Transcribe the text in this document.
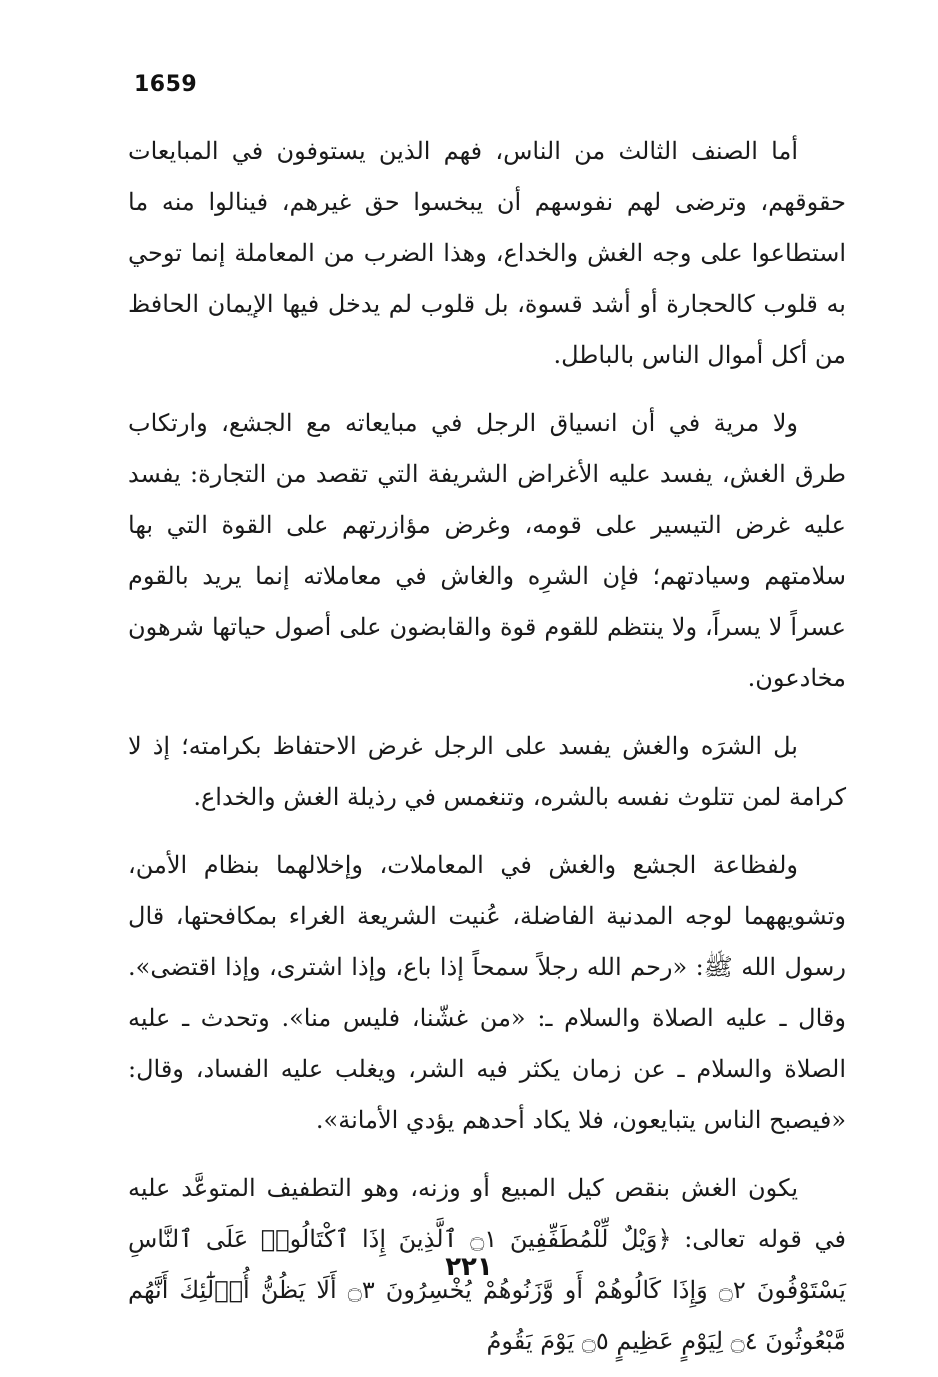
1659

أما الصنف الثالث من الناس، فهم الذين يستوفون في المبايعات حقوقهم، وترضى لهم نفوسهم أن يبخسوا حق غيرهم، فينالوا منه ما استطاعوا على وجه الغش والخداع، وهذا الضرب من المعاملة إنما توحي به قلوب كالحجارة أو أشد قسوة، بل قلوب لم يدخل فيها الإيمان الحافظ من أكل أموال الناس بالباطل.

ولا مرية في أن انسياق الرجل في مبايعاته مع الجشع، وارتكاب طرق الغش، يفسد عليه الأغراض الشريفة التي تقصد من التجارة: يفسد عليه غرض التيسير على قومه، وغرض مؤازرتهم على القوة التي بها سلامتهم وسيادتهم؛ فإن الشرِه والغاش في معاملاته إنما يريد بالقوم عسراً لا يسراً، ولا ينتظم للقوم قوة والقابضون على أصول حياتها شرهون مخادعون.

بل الشرَه والغش يفسد على الرجل غرض الاحتفاظ بكرامته؛ إذ لا كرامة لمن تتلوث نفسه بالشره، وتنغمس في رذيلة الغش والخداع.

ولفظاعة الجشع والغش في المعاملات، وإخلالهما بنظام الأمن، وتشويههما لوجه المدنية الفاضلة، عُنيت الشريعة الغراء بمكافحتها، قال رسول الله ﷺ: «رحم الله رجلاً سمحاً إذا باع، وإذا اشترى، وإذا اقتضى». وقال ـ عليه الصلاة والسلام ـ: «من غشّنا، فليس منا». وتحدث ـ عليه الصلاة والسلام ـ عن زمان يكثر فيه الشر، ويغلب عليه الفساد، وقال: «فيصبح الناس يتبايعون، فلا يكاد أحدهم يؤدي الأمانة».

يكون الغش بنقص كيل المبيع أو وزنه، وهو التطفيف المتوعَّد عليه في قوله تعالى: ﴿وَيْلٌ لِّلْمُطَفِّفِينَ ۝١ ٱلَّذِينَ إِذَا ٱكْتَالُوا۟ عَلَى ٱلنَّاسِ يَسْتَوْفُونَ ۝٢ وَإِذَا كَالُوهُمْ أَو وَّزَنُوهُمْ يُخْسِرُونَ ۝٣ أَلَا يَظُنُّ أُو۟لَٰٓئِكَ أَنَّهُم مَّبْعُوثُونَ ۝٤ لِيَوْمٍ عَظِيمٍ ۝٥ يَوْمَ يَقُومُ

٢٢١
